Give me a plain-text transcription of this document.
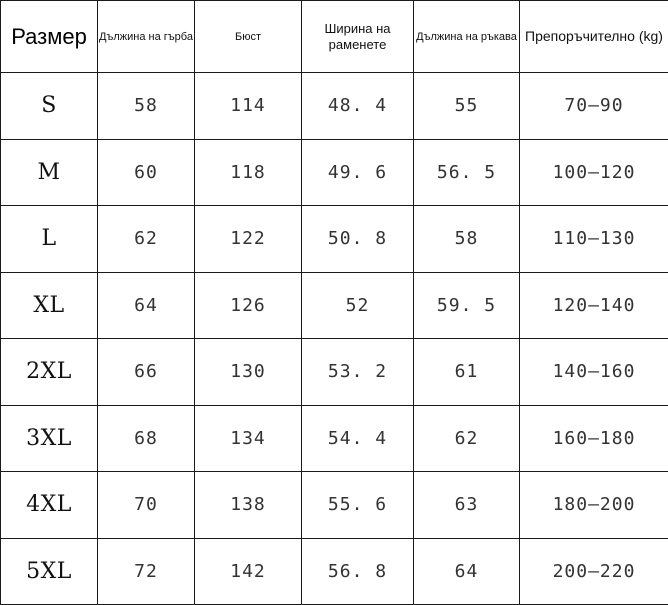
Размер	Дължина на гърба	Бюст	Ширина на раменете	Дължина на ръкава	Препоръчително (kg)
S	58	114	48. 4	55	70–90
M	60	118	49. 6	56. 5	100–120
L	62	122	50. 8	58	110–130
XL	64	126	52	59. 5	120–140
2XL	66	130	53. 2	61	140–160
3XL	68	134	54. 4	62	160–180
4XL	70	138	55. 6	63	180–200
5XL	72	142	56. 8	64	200–220
